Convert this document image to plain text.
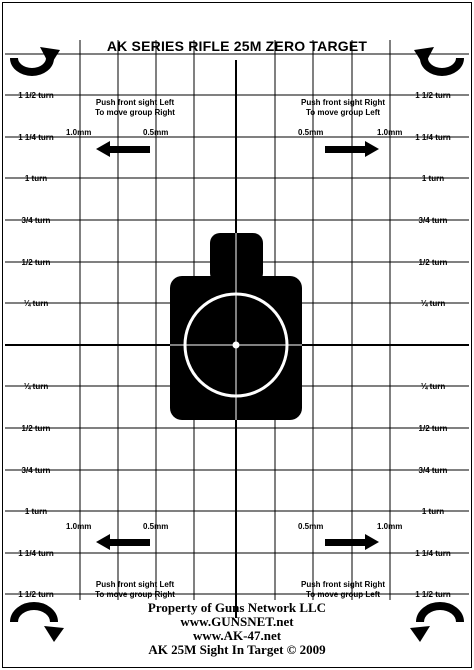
AK SERIES RIFLE 25M ZERO TARGET
1 1/2 turn
1 1/4 turn
1 turn
3/4 turn
1/2 turn
¼ turn
¼ turn
1/2 turn
3/4 turn
1 turn
1 1/4 turn
1 1/2 turn
1 1/2 turn
1 1/4 turn
1 turn
3/4 turn
1/2 turn
¼ turn
¼ turn
1/2 turn
3/4 turn
1 turn
1 1/4 turn
1 1/2 turn
Push front sight Left
To move group Right
Push front sight Right
To move group Left
1.0mm	0.5mm	0.5mm	1.0mm
1.0mm	0.5mm	0.5mm	1.0mm
Push front sight Left
To move group Right
Push front sight Right
To move group Left
Property of Guns Network LLC
www.GUNSNET.net
www.AK-47.net
AK 25M Sight In Target © 2009
